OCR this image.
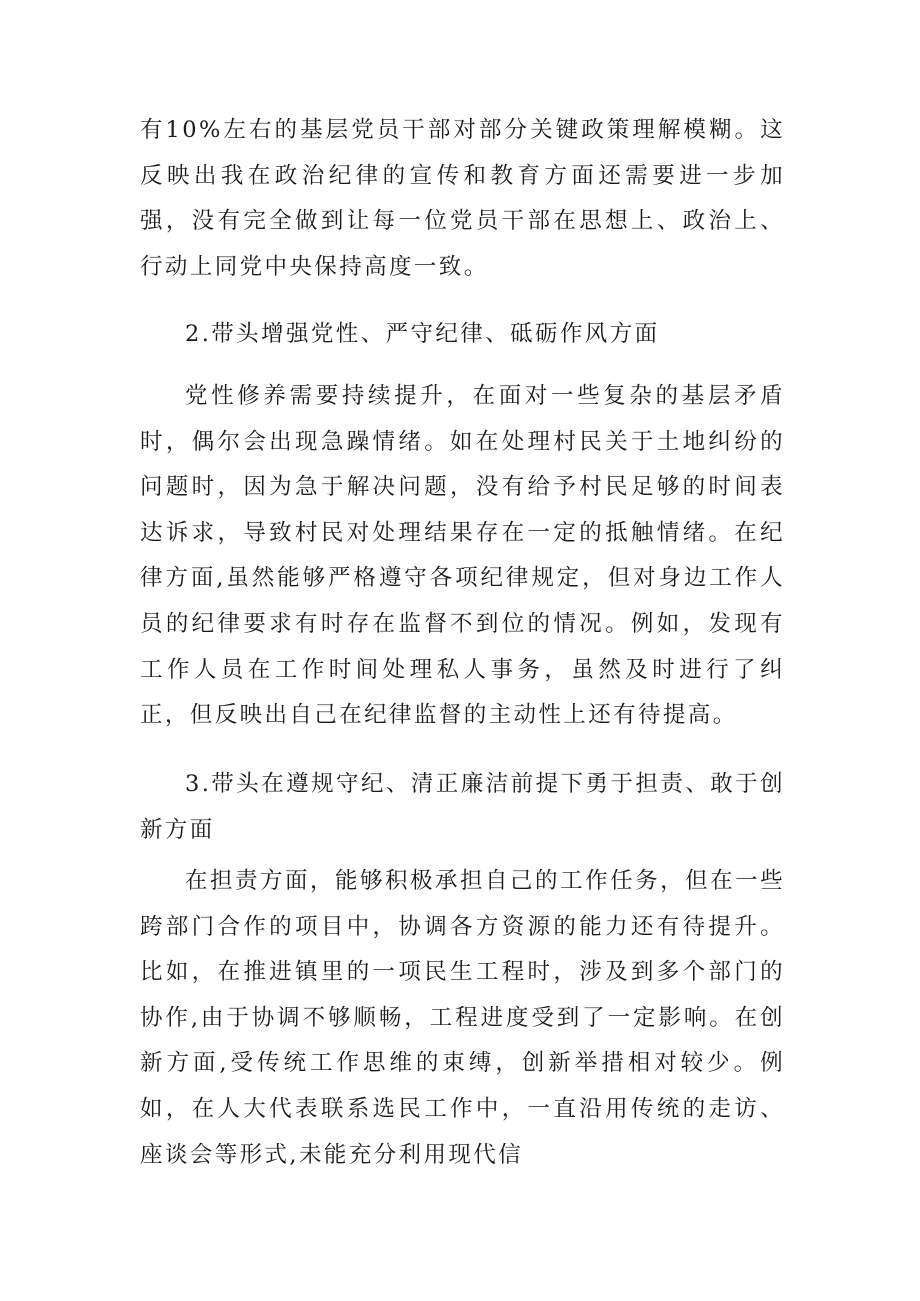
有10%左右的基层党员干部对部分关键政策理解模糊。这反映出我在政治纪律的宣传和教育方面还需要进一步加强，没有完全做到让每一位党员干部在思想上、政治上、行动上同党中央保持高度一致。

2.带头增强党性、严守纪律、砥砺作风方面

党性修养需要持续提升，在面对一些复杂的基层矛盾时，偶尔会出现急躁情绪。如在处理村民关于土地纠纷的问题时，因为急于解决问题，没有给予村民足够的时间表达诉求，导致村民对处理结果存在一定的抵触情绪。在纪律方面,虽然能够严格遵守各项纪律规定，但对身边工作人员的纪律要求有时存在监督不到位的情况。例如，发现有工作人员在工作时间处理私人事务，虽然及时进行了纠正，但反映出自己在纪律监督的主动性上还有待提高。

3.带头在遵规守纪、清正廉洁前提下勇于担责、敢于创新方面

在担责方面，能够积极承担自己的工作任务，但在一些跨部门合作的项目中，协调各方资源的能力还有待提升。比如，在推进镇里的一项民生工程时，涉及到多个部门的协作,由于协调不够顺畅，工程进度受到了一定影响。在创新方面,受传统工作思维的束缚，创新举措相对较少。例如，在人大代表联系选民工作中，一直沿用传统的走访、座谈会等形式,未能充分利用现代信
